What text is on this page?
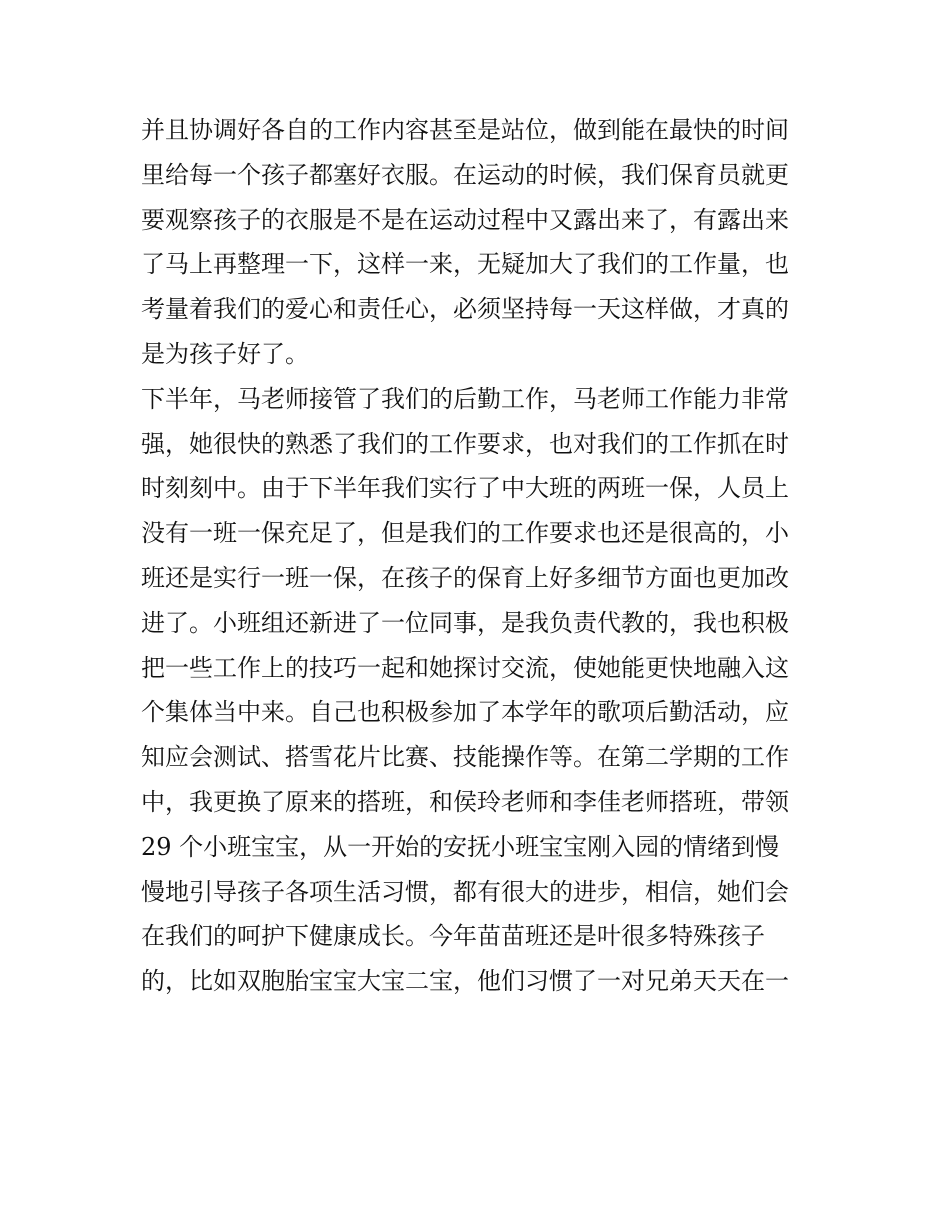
并且协调好各自的工作内容甚至是站位，做到能在最快的时间
里给每一个孩子都塞好衣服。在运动的时候，我们保育员就更
要观察孩子的衣服是不是在运动过程中又露出来了，有露出来
了马上再整理一下，这样一来，无疑加大了我们的工作量，也
考量着我们的爱心和责任心，必须坚持每一天这样做，才真的
是为孩子好了。
下半年，马老师接管了我们的后勤工作，马老师工作能力非常
强，她很快的熟悉了我们的工作要求，也对我们的工作抓在时
时刻刻中。由于下半年我们实行了中大班的两班一保，人员上
没有一班一保充足了，但是我们的工作要求也还是很高的，小
班还是实行一班一保，在孩子的保育上好多细节方面也更加改
进了。小班组还新进了一位同事，是我负责代教的，我也积极
把一些工作上的技巧一起和她探讨交流，使她能更快地融入这
个集体当中来。自己也积极参加了本学年的歌项后勤活动，应
知应会测试、搭雪花片比赛、技能操作等。在第二学期的工作
中，我更换了原来的搭班，和侯玲老师和李佳老师搭班，带领
29 个小班宝宝，从一开始的安抚小班宝宝刚入园的情绪到慢
慢地引导孩子各项生活习惯，都有很大的进步，相信，她们会
在我们的呵护下健康成长。今年苗苗班还是叶很多特殊孩子
的，比如双胞胎宝宝大宝二宝，他们习惯了一对兄弟天天在一
